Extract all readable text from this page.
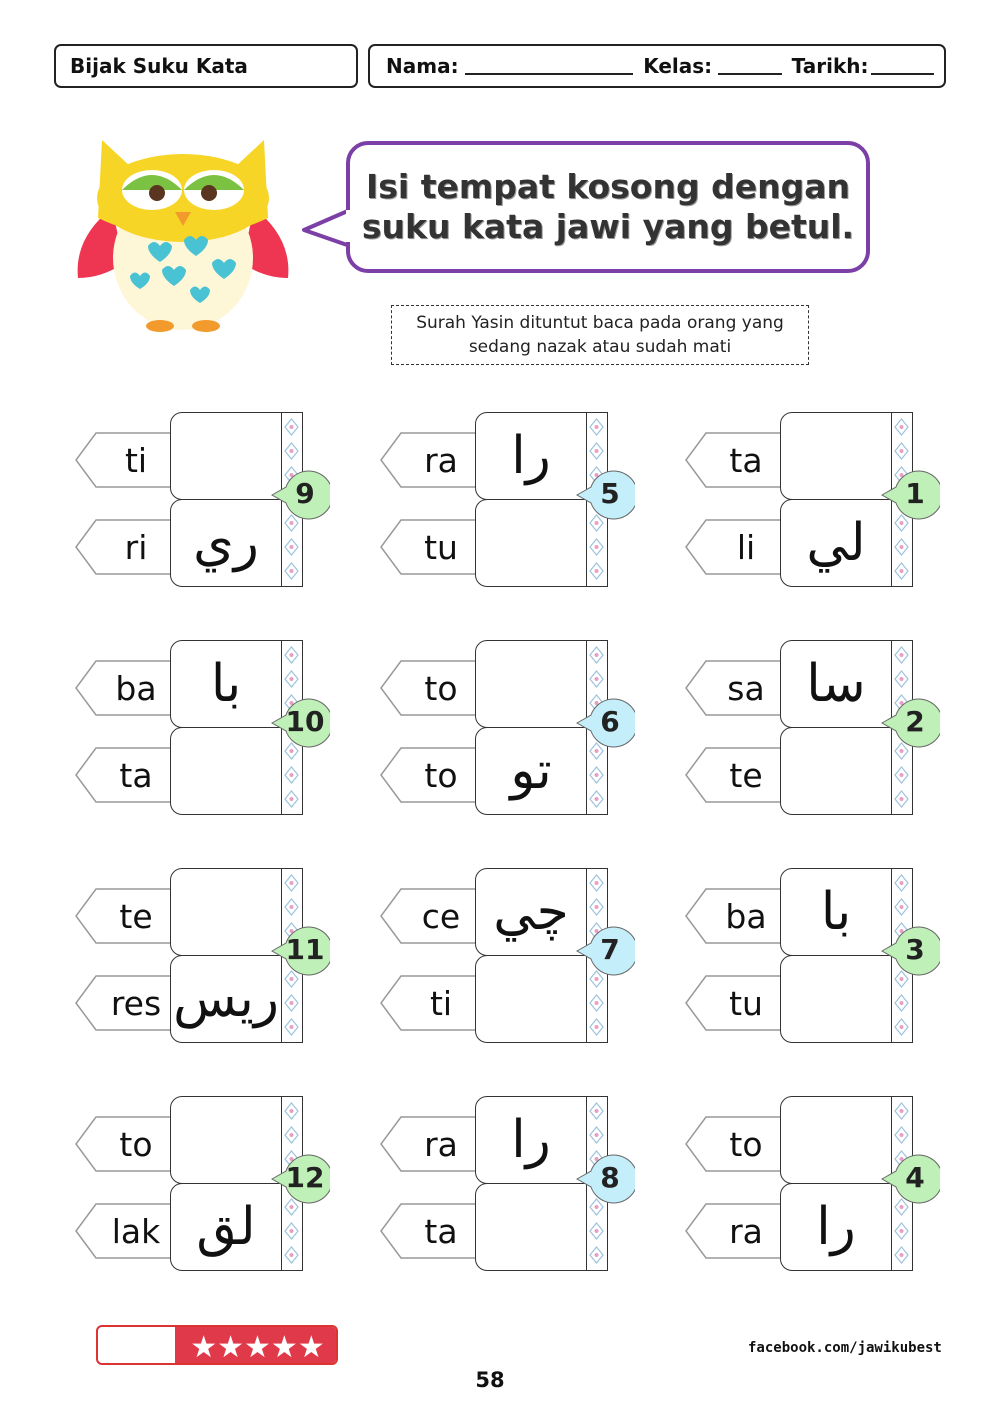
Bijak Suku Kata	Nama:	Kelas:	Tarikh:
Isi tempat kosong dengan
suku kata jawi yang betul.
Surah Yasin dituntut baca pada orang yang
sedang nazak atau sudah mati
ti
ri ري
9
ra
tu
را
5
ta
li لي
1
ba
ta
با
10
to
to	تو
6
sa
te
سا
2
te
res ريس
11
ce
ti
چي
7
ba
tu
با
3
to
lak لق
12
ra
ta
را
8
to
ra	را
4
★★★★★	facebook.com/jawikubest
58
